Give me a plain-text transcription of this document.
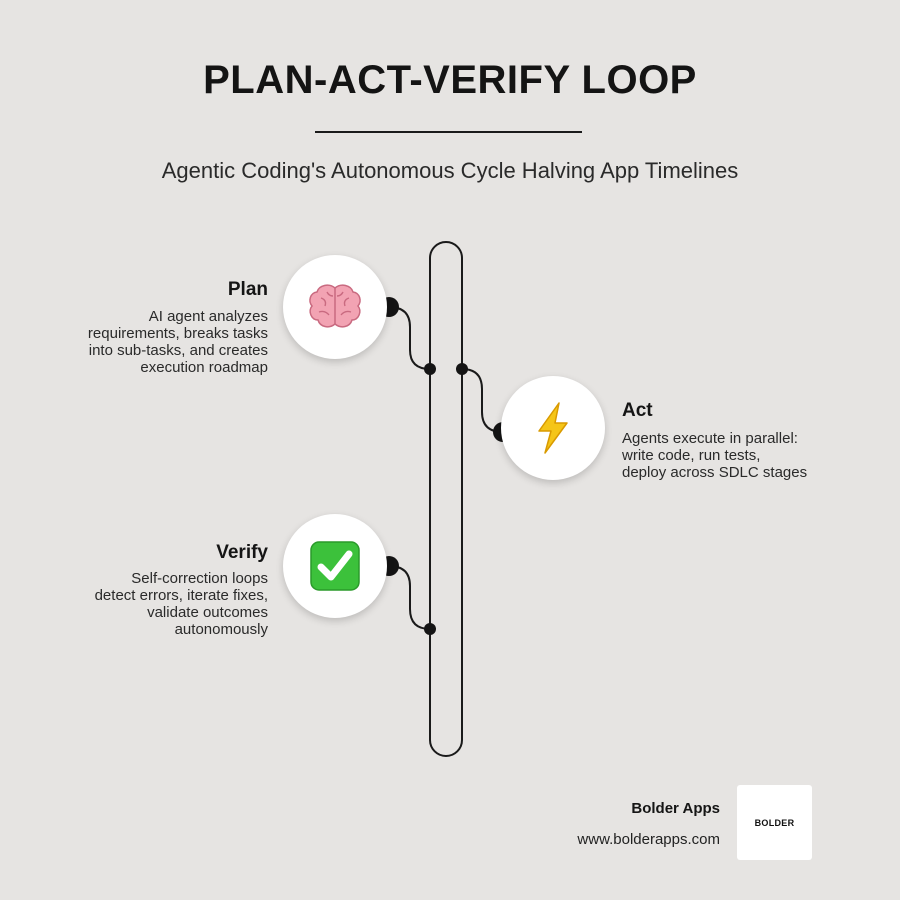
PLAN-ACT-VERIFY LOOP

Agentic Coding's Autonomous Cycle Halving App Timelines

Plan
AI agent analyzes
requirements, breaks tasks
into sub-tasks, and creates
execution roadmap
Act
Agents execute in parallel:
write code, run tests,
deploy across SDLC stages
Verify
Self-correction loops
detect errors, iterate fixes,
validate outcomes
autonomously
Bolder Apps
www.bolderapps.com
BOLDER
